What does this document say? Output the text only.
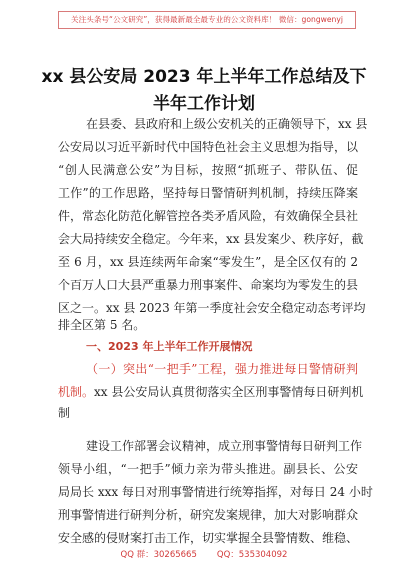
关注头条号“公文研究”，获得最新最全最专业的公文资料库！ 微信：gongwenyj
xx 县公安局 2023 年上半年工作总结及下
半年工作计划
在县委、县政府和上级公安机关的正确领导下，xx 县
公安局以习近平新时代中国特色社会主义思想为指导，以
“创人民满意公安”为目标，按照“抓班子、带队伍、促
工作”的工作思路，坚持每日警情研判机制，持续压降案
件，常态化防范化解管控各类矛盾风险，有效确保全县社
会大局持续安全稳定。今年来，xx 县发案少、秩序好，截
至 6 月，xx 县连续两年命案“零发生”，是全区仅有的 2
个百万人口大县严重暴力刑事案件、命案均为零发生的县
区之一。xx 县 2023 年第一季度社会安全稳定动态考评均
排全区第 5 名。
一、2023 年上半年工作开展情况
（一）突出“一把手”工程，强力推进每日警情研判
机制。xx 县公安局认真贯彻落实全区刑事警情每日研判机
制
建设工作部署会议精神，成立刑事警情每日研判工作
领导小组，“一把手”倾力亲为带头推进。副县长、公安
局局长 xxx 每日对刑事警情进行统筹指挥，对每日 24 小时
刑事警情进行研判分析，研究发案规律，加大对影响群众
安全感的侵财案打击工作，切实掌握全县警情数、维稳、
QQ 群：30265665 QQ：535304092
